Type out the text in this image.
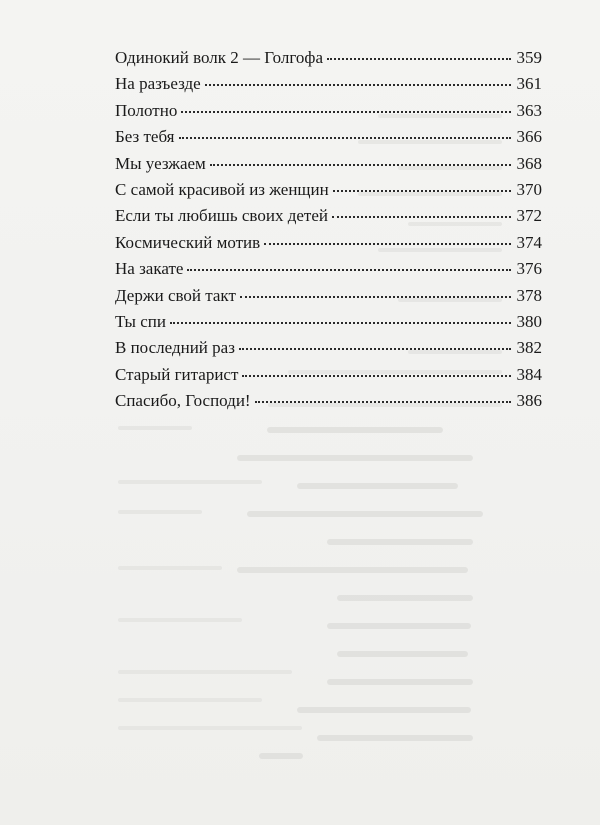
Одинокий волк 2 — Голгофа	359
На разъезде	361
Полотно	363
Без тебя	366
Мы уезжаем	368
С самой красивой из женщин	370
Если ты любишь своих детей	372
Космический мотив	374
На закате	376
Держи свой такт	378
Ты спи	380
В последний раз	382
Старый гитарист	384
Спасибо, Господи!	386
